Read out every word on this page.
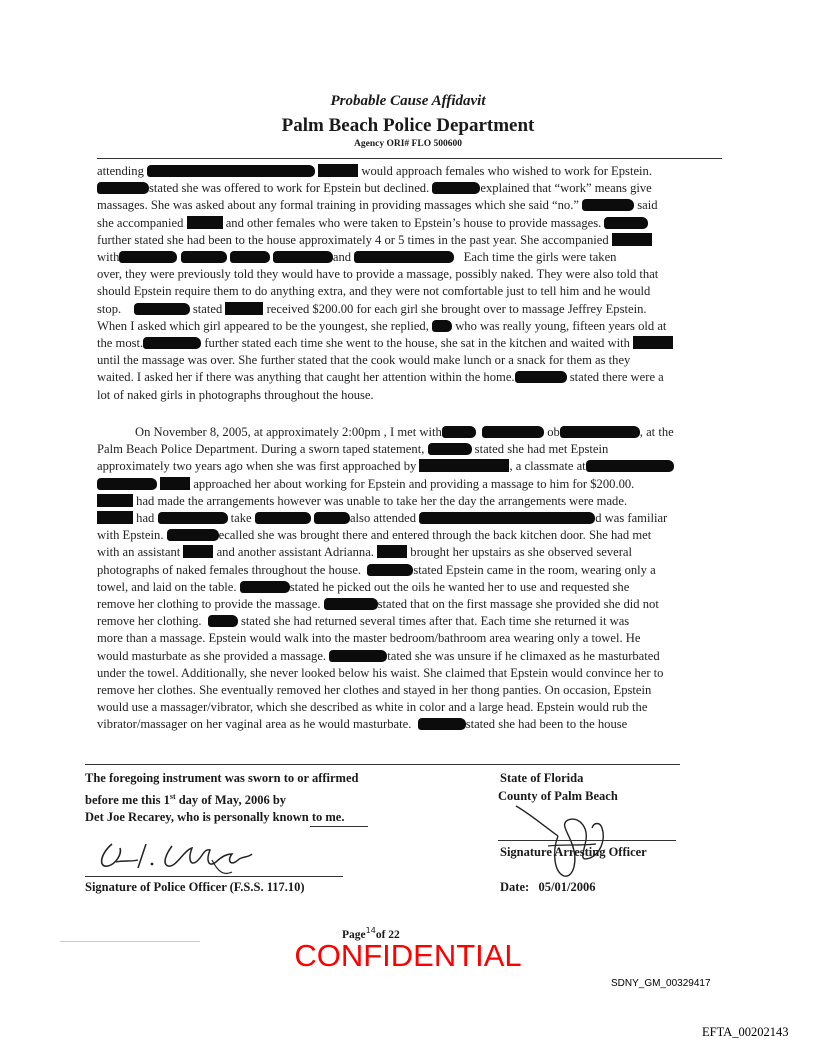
Probable Cause Affidavit
Palm Beach Police Department
Agency ORI# FLO 500600
attending	would approach females who wished to work for Epstein.
stated she was offered to work for Epstein but declined.	explained that “work” means give
massages. She was asked about any formal training in providing massages which she said “no.”	said
she accompanied	and other females who were taken to Epstein’s house to provide massages.
further stated she had been to the house approximately 4 or 5 times in the past year. She accompanied
with	and	Each time the girls were taken
over, they were previously told they would have to provide a massage, possibly naked. They were also told that
should Epstein require them to do anything extra, and they were not comfortable just to tell him and he would
stop.	stated	received $200.00 for each girl she brought over to massage Jeffrey Epstein.
When I asked which girl appeared to be the youngest, she replied, who was really young, fifteen years old at
the most.	further stated each time she went to the house, she sat in the kitchen and waited with
until the massage was over. She further stated that the cook would make lunch or a snack for them as they
waited. I asked her if there was anything that caught her attention within the home.	stated there were a
lot of naked girls in photographs throughout the house.
On November 8, 2005, at approximately 2:00pm , I met with	ob	, at the
Palm Beach Police Department. During a sworn taped statement,	stated she had met Epstein
approximately two years ago when she was first approached by	, a classmate at
approached her about working for Epstein and providing a massage to him for $200.00.
had made the arrangements however was unable to take her the day the arrangements were made.
had	take	also attended	d was familiar
with Epstein.	ecalled she was brought there and entered through the back kitchen door. She had met
with an assistant	and another assistant Adrianna.	brought her upstairs as she observed several
photographs of naked females throughout the house.	stated Epstein came in the room, wearing only a
towel, and laid on the table.	stated he picked out the oils he wanted her to use and requested she
remove her clothing to provide the massage.	stated that on the first massage she provided she did not
remove her clothing.	stated she had returned several times after that. Each time she returned it was
more than a massage. Epstein would walk into the master bedroom/bathroom area wearing only a towel. He
would masturbate as she provided a massage.	tated she was unsure if he climaxed as he masturbated
under the towel. Additionally, she never looked below his waist. She claimed that Epstein would convince her to
remove her clothes. She eventually removed her clothes and stayed in her thong panties. On occasion, Epstein
would use a massager/vibrator, which she described as white in color and a large head. Epstein would rub the
vibrator/massager on her vaginal area as he would masturbate.	stated she had been to the house
The foregoing instrument was sworn to or affirmed
before me this 1st day of May, 2006 by
Det Joe Recarey, who is personally known to me.
Signature of Police Officer (F.S.S. 117.10)
State of Florida
County of Palm Beach
Signature Arresting Officer
Date: 05/01/2006
Page$^{14}$of 22
CONFIDENTIAL
SDNY_GM_00329417
EFTA_00202143
